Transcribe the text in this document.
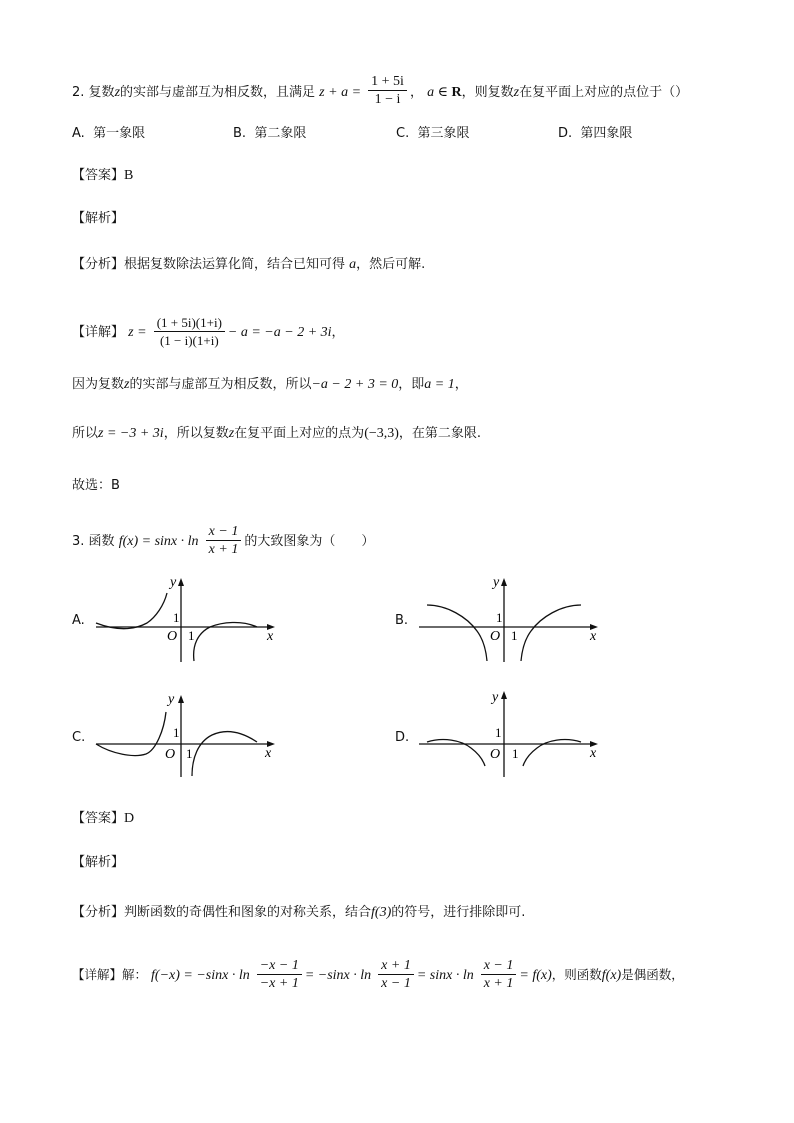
2. 复数z的实部与虚部互为相反数，且满足 $z + a = \frac{1 + 5i}{1 - i}$ ， a ∈ R，则复数z在复平面上对应的点位于（）
A. 第一象限	B. 第二象限	C. 第三象限	D. 第四象限
【答案】B
【解析】
【分析】根据复数除法运算化简，结合已知可得 a，然后可解.
【详解】 $z = \frac{(1 + 5i)(1+i)}{(1 - i)(1+i)} - a = -a - 2 + 3i$，
因为复数z的实部与虚部互为相反数，所以−a − 2 + 3 = 0，即a = 1，
所以z = −3 + 3i，所以复数z在复平面上对应的点为(−3,3)，在第二象限.
故选：B
3. 函数 $f(x) = \sin x \cdot \ln \frac{x - 1}{x + 1}$ 的大致图象为（　　）
A.
y
1
O 1	x
B.
y
1
O 1	x
C.
y
1
O 1	x
D.
y
1
O 1	x
【答案】D
【解析】
【分析】判断函数的奇偶性和图象的对称关系，结合f(3)的符号，进行排除即可.
【详解】解： $f(-x) = -\sin x \cdot \ln \frac{-x - 1}{-x + 1} = -\sin x \cdot \ln \frac{x + 1}{x - 1} = \sin x \cdot \ln \frac{x - 1}{x + 1} = f(x)$，则函数f(x)是偶函数，
